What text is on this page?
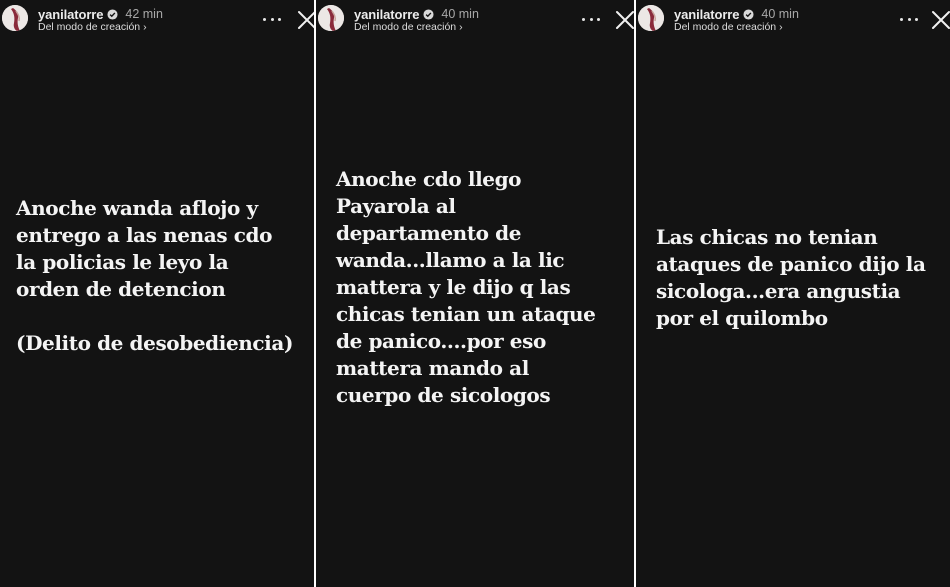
yanilatorre 42 min
Del modo de creación ›
Anoche wanda aflojo y
entrego a las nenas cdo
la policias le leyo la
orden de detencion

(Delito de desobediencia)
yanilatorre 40 min
Del modo de creación ›
Anoche cdo llego
Payarola al
departamento de
wanda...llamo a la lic
mattera y le dijo q las
chicas tenian un ataque
de panico....por eso
mattera mando al
cuerpo de sicologos
yanilatorre 40 min
Del modo de creación ›
Las chicas no tenian
ataques de panico dijo la
sicologa...era angustia
por el quilombo
